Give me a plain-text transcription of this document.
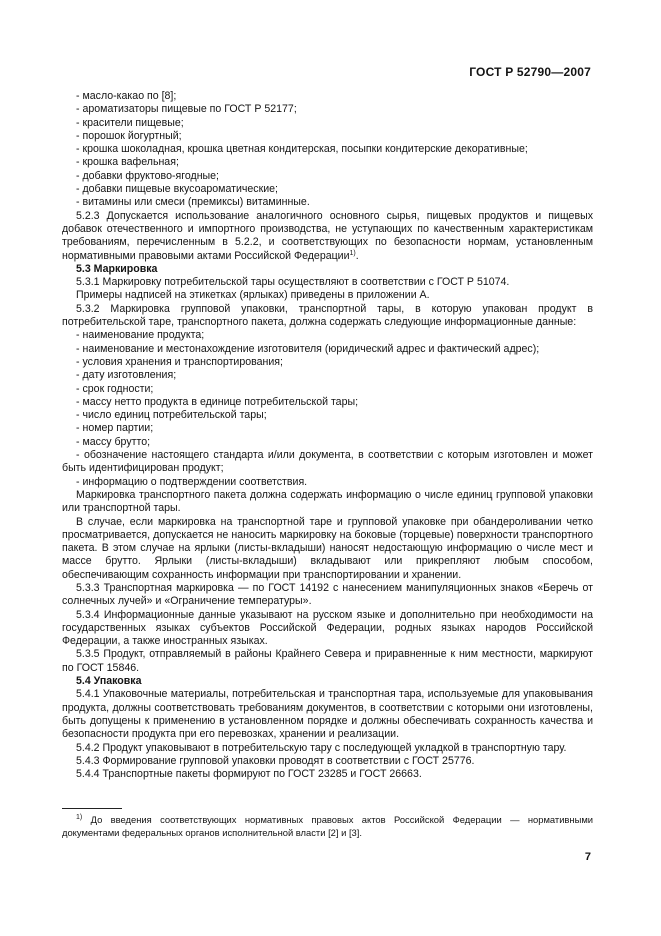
ГОСТ Р 52790—2007

- масло-какао по [8];

- ароматизаторы пищевые по ГОСТ Р 52177;

- красители пищевые;

- порошок йогуртный;

- крошка шоколадная, крошка цветная кондитерская, посыпки кондитерские декоративные;

- крошка вафельная;

- добавки фруктово-ягодные;

- добавки пищевые вкусоароматические;

- витамины или смеси (премиксы) витаминные.

5.2.3 Допускается использование аналогичного основного сырья, пищевых продуктов и пищевых добавок отечественного и импортного производства, не уступающих по качественным характеристикам требованиям, перечисленным в 5.2.2, и соответствующих по безопасности нормам, установленным нормативными правовыми актами Российской Федерации$^{1)}$.

5.3 Маркировка

5.3.1 Маркировку потребительской тары осуществляют в соответствии с ГОСТ Р 51074.

Примеры надписей на этикетках (ярлыках) приведены в приложении А.

5.3.2 Маркировка групповой упаковки, транспортной тары, в которую упакован продукт в потребительской таре, транспортного пакета, должна содержать следующие информационные данные:

- наименование продукта;

- наименование и местонахождение изготовителя (юридический адрес и фактический адрес);

- условия хранения и транспортирования;

- дату изготовления;

- срок годности;

- массу нетто продукта в единице потребительской тары;

- число единиц потребительской тары;

- номер партии;

- массу брутто;

- обозначение настоящего стандарта и/или документа, в соответствии с которым изготовлен и может быть идентифицирован продукт;

- информацию о подтверждении соответствия.

Маркировка транспортного пакета должна содержать информацию о числе единиц групповой упаковки или транспортной тары.

В случае, если маркировка на транспортной таре и групповой упаковке при обандероливании четко просматривается, допускается не наносить маркировку на боковые (торцевые) поверхности транспортного пакета. В этом случае на ярлыки (листы-вкладыши) наносят недостающую информацию о числе мест и массе брутто. Ярлыки (листы-вкладыши) вкладывают или прикрепляют любым способом, обеспечивающим сохранность информации при транспортировании и хранении.

5.3.3 Транспортная маркировка — по ГОСТ 14192 с нанесением манипуляционных знаков «Беречь от солнечных лучей» и «Ограничение температуры».

5.3.4 Информационные данные указывают на русском языке и дополнительно при необходимости на государственных языках субъектов Российской Федерации, родных языках народов Российской Федерации, а также иностранных языках.

5.3.5 Продукт, отправляемый в районы Крайнего Севера и приравненные к ним местности, маркируют по ГОСТ 15846.

5.4 Упаковка

5.4.1 Упаковочные материалы, потребительская и транспортная тара, используемые для упаковывания продукта, должны соответствовать требованиям документов, в соответствии с которыми они изготовлены, быть допущены к применению в установленном порядке и должны обеспечивать сохранность качества и безопасности продукта при его перевозках, хранении и реализации.

5.4.2 Продукт упаковывают в потребительскую тару с последующей укладкой в транспортную тару.

5.4.3 Формирование групповой упаковки проводят в соответствии с ГОСТ 25776.

5.4.4 Транспортные пакеты формируют по ГОСТ 23285 и ГОСТ 26663.

$^{1)}$ До введения соответствующих нормативных правовых актов Российской Федерации — нормативными документами федеральных органов исполнительной власти [2] и [3].
7
